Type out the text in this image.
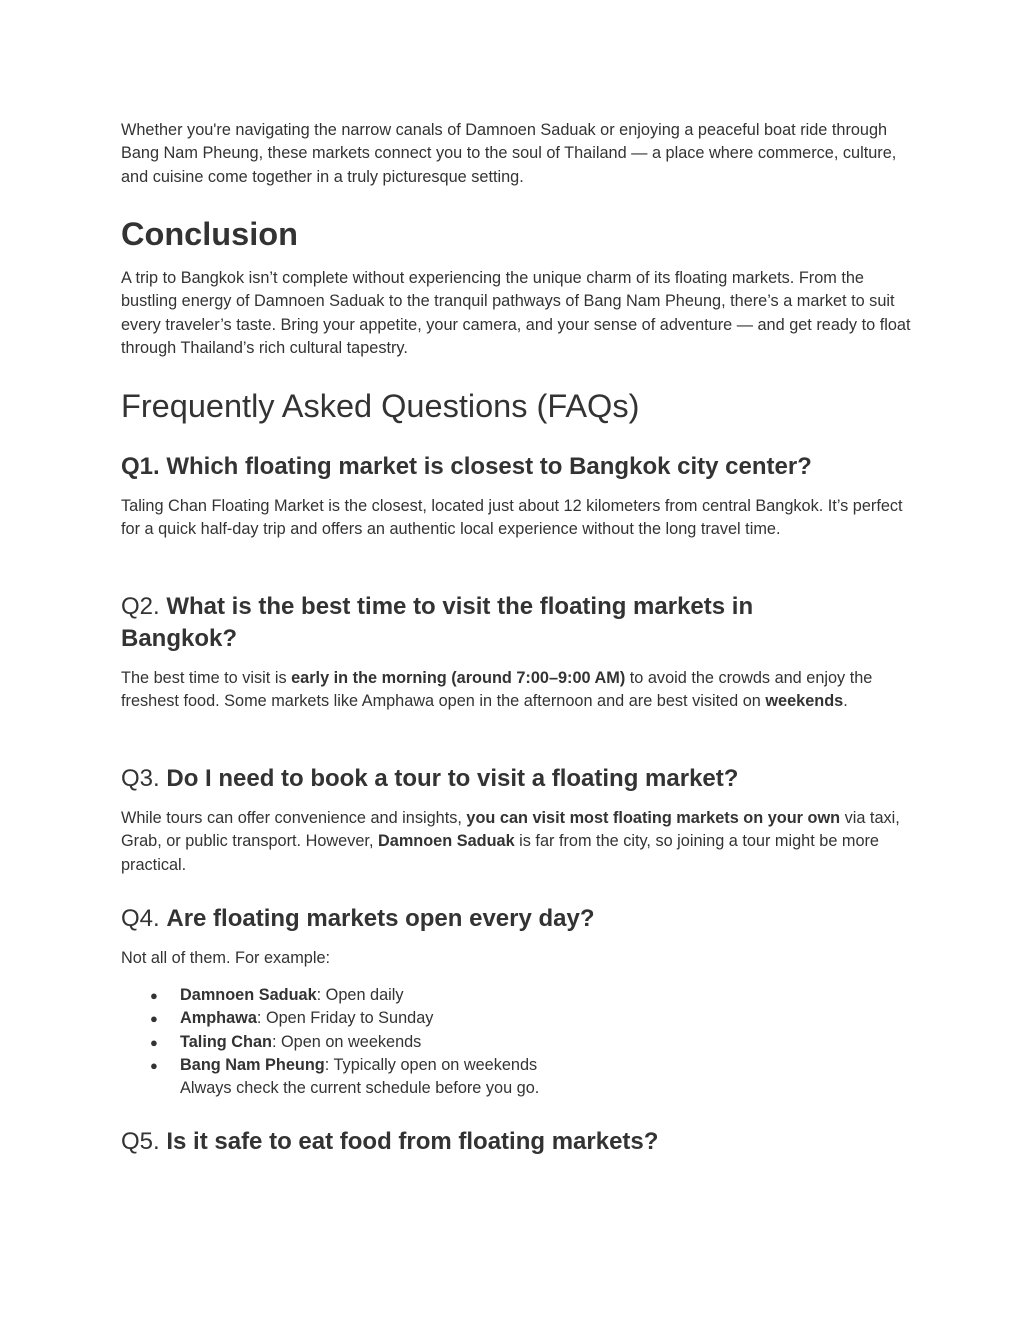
Whether you're navigating the narrow canals of Damnoen Saduak or enjoying a peaceful boat ride through Bang Nam Pheung, these markets connect you to the soul of Thailand — a place where commerce, culture, and cuisine come together in a truly picturesque setting.

Conclusion

A trip to Bangkok isn’t complete without experiencing the unique charm of its floating markets. From the bustling energy of Damnoen Saduak to the tranquil pathways of Bang Nam Pheung, there’s a market to suit every traveler’s taste. Bring your appetite, your camera, and your sense of adventure — and get ready to float through Thailand’s rich cultural tapestry.

Frequently Asked Questions (FAQs)
Q1. Which floating market is closest to Bangkok city center?

Taling Chan Floating Market is the closest, located just about 12 kilometers from central Bangkok. It’s perfect for a quick half-day trip and offers an authentic local experience without the long travel time.

Q2. What is the best time to visit the floating markets in Bangkok?

The best time to visit is early in the morning (around 7:00–9:00 AM) to avoid the crowds and enjoy the freshest food. Some markets like Amphawa open in the afternoon and are best visited on weekends.

Q3. Do I need to book a tour to visit a floating market?

While tours can offer convenience and insights, you can visit most floating markets on your own via taxi, Grab, or public transport. However, Damnoen Saduak is far from the city, so joining a tour might be more practical.

Q4. Are floating markets open every day?

Not all of them. For example:

● Damnoen Saduak: Open daily
● Amphawa: Open Friday to Sunday
● Taling Chan: Open on weekends
● Bang Nam Pheung: Typically open on weekends
Always check the current schedule before you go.
Q5. Is it safe to eat food from floating markets?
